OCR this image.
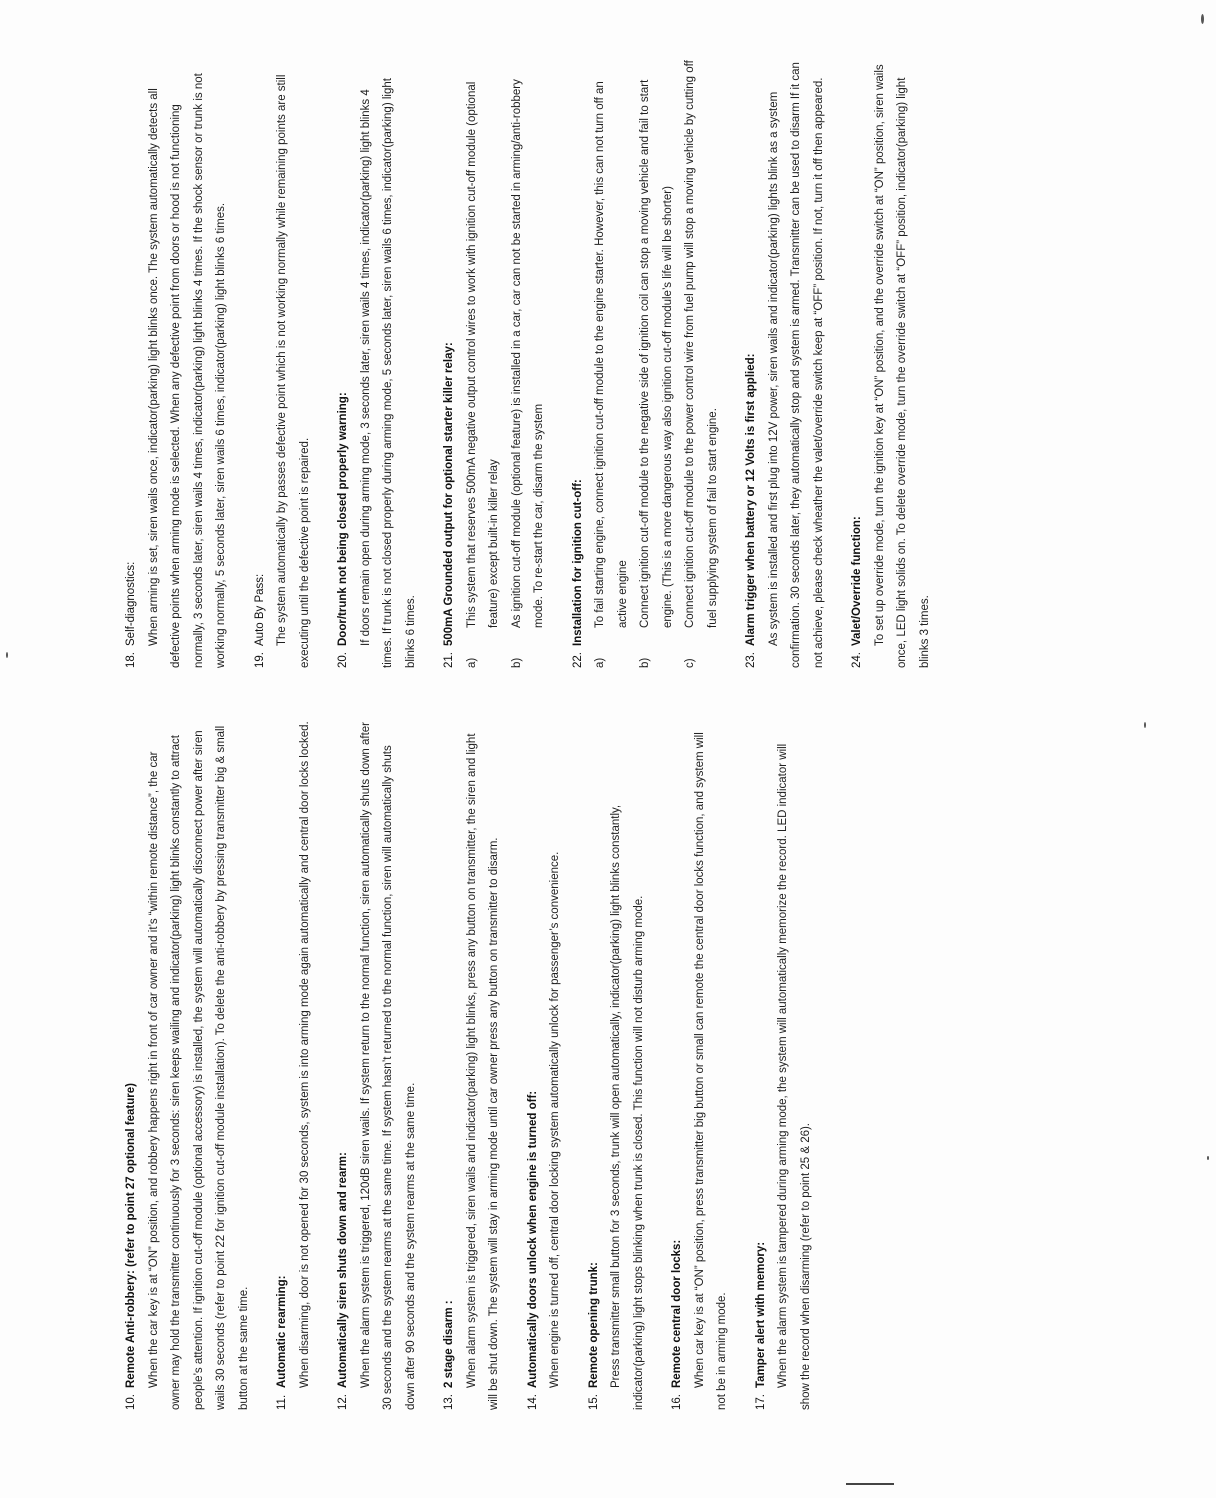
10.Remote Anti-robbery: (refer to point 27 optional feature) When the car key is at “ON” position, and robbery happens right in front of car owner and it’s “within remote distance”, the car owner may hold the transmitter continuously for 3 seconds: siren keeps wailing and indicator(parking) light blinks constantly to attract people’s attention. If ignition cut-off module (optional accessory) is installed, the system will automatically disconnect power after siren wails 30 seconds (refer to point 22 for ignition cut-off module installation). To delete the anti-robbery by pressing transmitter big & small button at the same time.	11.Automatic rearming: When disarming, door is not opened for 30 seconds, system is into arming mode again automatically and central door locks locked.
12.Automatically siren shuts down and rearm: When the alarm system is triggered, 120dB siren wails. If system return to the normal function, siren automatically shuts down after 30 seconds and the system rearms at the same time. If system hasn’t returned to the normal function, siren will automatically shuts down after 90 seconds and the system rearms at the same time.	13.2 stage disarm : When alarm system is triggered, siren wails and indicator(parking) light blinks, press any button on transmitter, the siren and light will be shut down. The system will stay in arming mode until car owner press any button on transmitter to disarm.	14.Automatically doors unlock when engine is turned off: When engine is turned off, central door locking system automatically unlock for passenger’s convenience.
15.Remote opening trunk: Press transmitter small button for 3 seconds, trunk will open automatically, indicator(parking) light blinks constantly, indicator(parking) light stops blinking when trunk is closed. This function will not disturb arming mode.	16.Remote central door locks: When car key is at “ON” position, press transmitter big button or small can remote the central door locks function, and system will not be in arming mode.	17.Tamper alert with memory: When the alarm system is tampered during arming mode, the system will automatically memorize the record. LED indicator will show the record when disarming (refer to point 25 & 26).
18.Self-diagnostics: When arming is set, siren wails once, indicator(parking) light blinks once. The system automatically detects all defective points when arming mode is selected. When any defective point from doors or hood is not functioning normally, 3 seconds later, siren wails 4 times, indicator(parking) light blinks 4 times. If the shock sensor or trunk is not working normally, 5 seconds later, siren wails 6 times, indicator(parking) light blinks 6 times.	19.Auto By Pass: The system automatically by passes defective point which is not working normally while remaining points are still executing until the defective point is repaired.	20.Door/trunk not being closed properly warning: If doors remain open during arming mode, 3 seconds later, siren wails 4 times, indicator(parking) light blinks 4 times. If trunk is not closed properly during arming mode, 5 seconds later, siren wails 6 times, indicator(parking) light blinks 6 times.	21.500mA Grounded output for optional starter killer relay:
a)
This system that reserves 500mA negative output control wires to work with ignition cut-off module (optional feature) except built-in killer relay
b)
As ignition cut-off module (optional feature) is installed in a car, car can not be started in arming/anti-robbery mode. To re-start the car, disarm the system
22.Installation for ignition cut-off:
a)
To fail starting engine, connect ignition cut-off module to the engine starter. However, this can not turn off an active engine
b)
Connect ignition cut-off module to the negative side of ignition coil can stop a moving vehicle and fail to start engine. (This is a more dangerous way also ignition cut-off module’s life will be shorter)
c)
Connect ignition cut-off module to the power control wire from fuel pump will stop a moving vehicle by cutting off fuel supplying system of fail to start engine.
23.Alarm trigger when battery or 12 Volts is first applied: As system is installed and first plug into 12V power, siren wails and indicator(parking) lights blink as a system confirmation. 30 seconds later, they automatically stop and system is armed. Transmitter can be used to disarm If it can not achieve, please check wheather the valet/override switch keep at “OFF” position. If not, turn it off then appeared.	24.Valet/Override function: To set up override mode, turn the ignition key at “ON” position, and the override switch at “ON” position, siren wails once, LED light solids on. To delete override mode, turn the override switch at “OFF” position, indicator(parking) light blinks 3 times.
